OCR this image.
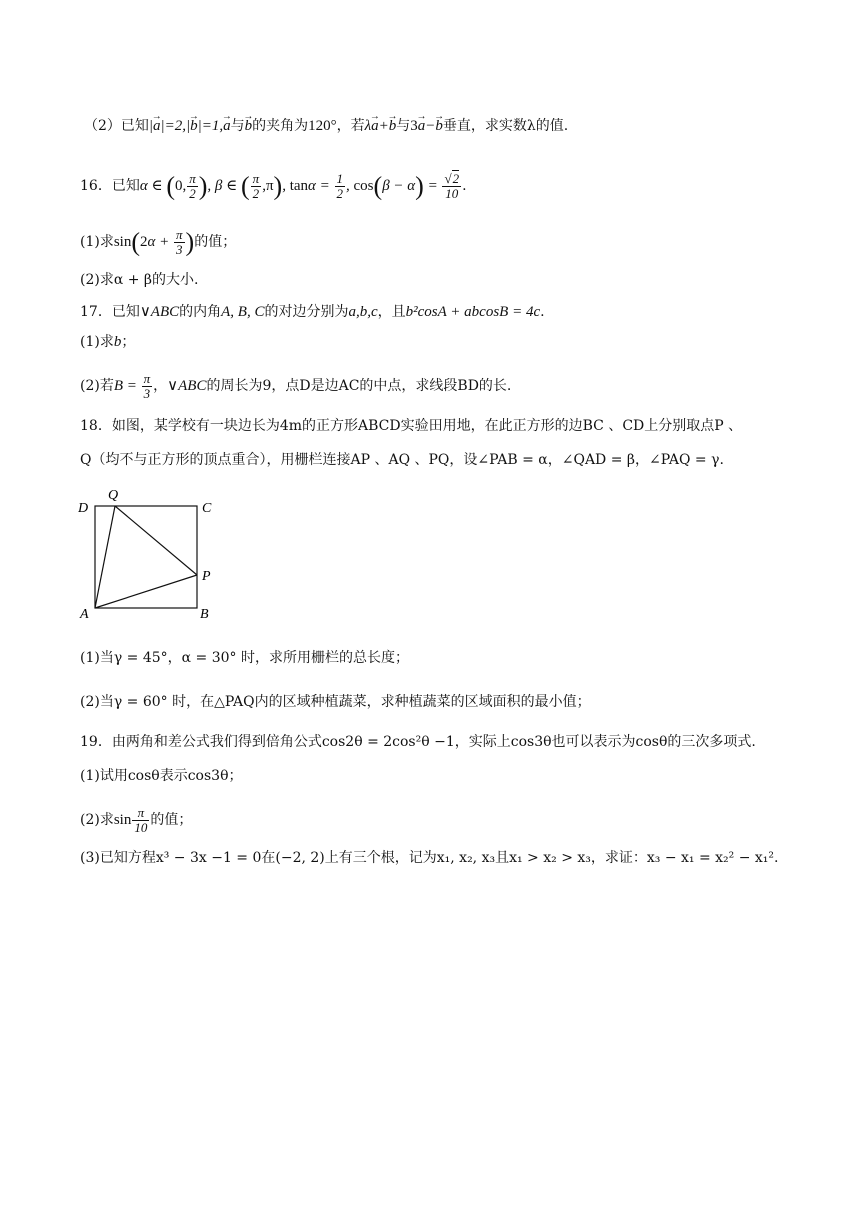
（2）已知|a →|=2,|b →|=1,a →与b →的夹角为120°，若λa →+b →与3a →−b →垂直，求实数λ的值.
16．已知α ∈ (0, $\frac{\pi}{2}$ ), β ∈ ( $\frac{\pi}{2} ,\pi$), $\tan\alpha = \frac{1}{2}$ , $\cos(\beta - \alpha) = \frac{√2}{10}$ .
(1)求$\sin(2\alpha + \frac{\pi}{3}$ )的值；
(2)求α + β的大小.
17．已知∨ABC的内角A, B, C的对边分别为a,b,c，且b²cosA + abcosB = 4c.
(1)求b；
(2)若$B = \frac{\pi}{3}$ ，∨ABC的周长为9，点D是边AC的中点，求线段BD的长.
18．如图，某学校有一块边长为4m的正方形ABCD实验田用地，在此正方形的边BC 、CD上分别取点P 、
Q（均不与正方形的顶点重合），用栅栏连接AP 、AQ 、PQ，设∠PAB = α，∠QAD = β，∠PAQ = γ.
D
Q
C
P
A	B
(1)当γ = 45°，α = 30° 时，求所用栅栏的总长度；
(2)当γ = 60° 时，在△PAQ内的区域种植蔬菜，求种植蔬菜的区域面积的最小值；
19．由两角和差公式我们得到倍角公式cos2θ = 2cos²θ −1，实际上cos3θ也可以表示为cosθ的三次多项式.
(1)试用cosθ表示cos3θ；
(2)求$\sin \frac{\pi}{10}$ 的值；
(3)已知方程x³ − 3x −1 = 0在(−2, 2)上有三个根，记为x₁, x₂, x₃且x₁ > x₂ > x₃，求证：x₃ − x₁ = x₂² − x₁².
